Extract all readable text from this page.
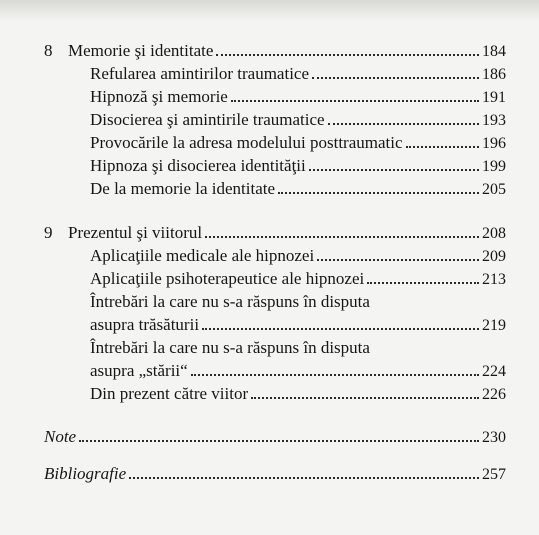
8 Memorie şi identitate	184
Refularea amintirilor traumatice	186
Hipnoză şi memorie	191
Disocierea şi amintirile traumatice	193
Provocările la adresa modelului posttraumatic	196
Hipnoza şi disocierea identităţii	199
De la memorie la identitate	205
9 Prezentul şi viitorul	208
Aplicaţiile medicale ale hipnozei	209
Aplicaţiile psihoterapeutice ale hipnozei	213
Întrebări la care nu s-a răspuns în disputa
asupra trăsăturii	219
Întrebări la care nu s-a răspuns în disputa
asupra „stării“	224
Din prezent către viitor	226
Note	230
Bibliografie	257
